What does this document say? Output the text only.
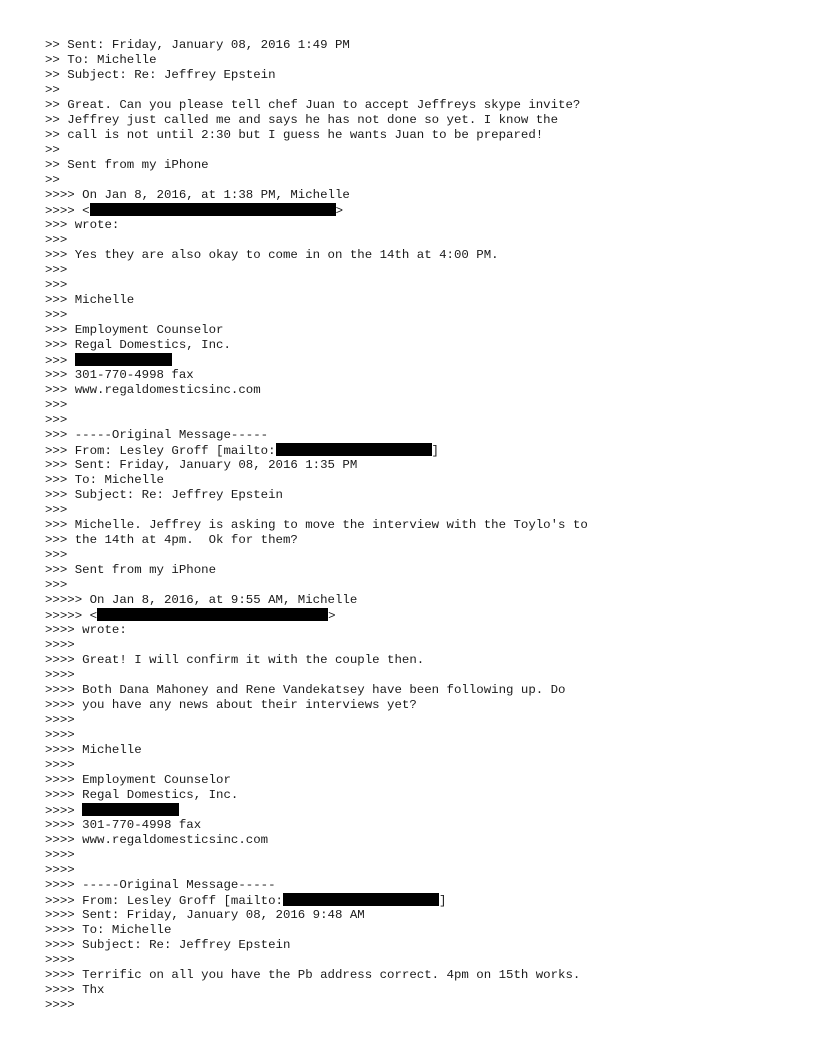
>> Sent: Friday, January 08, 2016 1:49 PM
>> To: Michelle
>> Subject: Re: Jeffrey Epstein
>>
>> Great. Can you please tell chef Juan to accept Jeffreys skype invite?
>> Jeffrey just called me and says he has not done so yet. I know the
>> call is not until 2:30 but I guess he wants Juan to be prepared!
>>
>> Sent from my iPhone
>>
>>>> On Jan 8, 2016, at 1:38 PM, Michelle
>>>> <	>
>>> wrote:
>>>
>>> Yes they are also okay to come in on the 14th at 4:00 PM.
>>>
>>>
>>> Michelle
>>>
>>> Employment Counselor
>>> Regal Domestics, Inc.
>>>
>>> 301-770-4998 fax
>>> www.regaldomesticsinc.com
>>>
>>>
>>> -----Original Message-----
>>> From: Lesley Groff [mailto:	]
>>> Sent: Friday, January 08, 2016 1:35 PM
>>> To: Michelle
>>> Subject: Re: Jeffrey Epstein
>>>
>>> Michelle. Jeffrey is asking to move the interview with the Toylo's to
>>> the 14th at 4pm.  Ok for them?
>>>
>>> Sent from my iPhone
>>>
>>>>> On Jan 8, 2016, at 9:55 AM, Michelle
>>>>> <	>
>>>> wrote:
>>>>
>>>> Great! I will confirm it with the couple then.
>>>>
>>>> Both Dana Mahoney and Rene Vandekatsey have been following up. Do
>>>> you have any news about their interviews yet?
>>>>
>>>>
>>>> Michelle
>>>>
>>>> Employment Counselor
>>>> Regal Domestics, Inc.
>>>>
>>>> 301-770-4998 fax
>>>> www.regaldomesticsinc.com
>>>>
>>>>
>>>> -----Original Message-----
>>>> From: Lesley Groff [mailto:	]
>>>> Sent: Friday, January 08, 2016 9:48 AM
>>>> To: Michelle
>>>> Subject: Re: Jeffrey Epstein
>>>>
>>>> Terrific on all you have the Pb address correct. 4pm on 15th works.
>>>> Thx
>>>>
